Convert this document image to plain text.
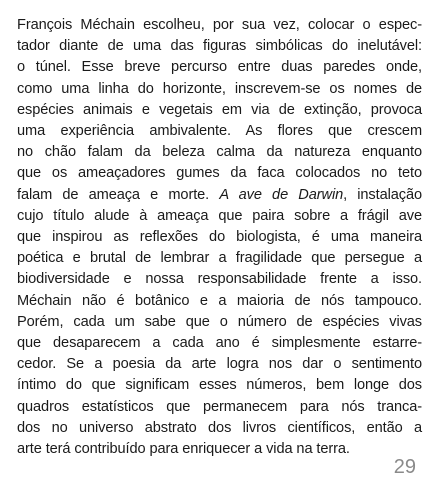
François Méchain escolheu, por sua vez, colocar o espec-
tador diante de uma das figuras simbólicas do inelutável:
o túnel. Esse breve percurso entre duas paredes onde,
como uma linha do horizonte, inscrevem-se os nomes de
espécies animais e vegetais em via de extinção, provoca
uma experiência ambivalente. As flores que crescem
no chão falam da beleza calma da natureza enquanto
que os ameaçadores gumes da faca colocados no teto
falam de ameaça e morte. A ave de Darwin, instalação
cujo título alude à ameaça que paira sobre a frágil ave
que inspirou as reflexões do biologista, é uma maneira
poética e brutal de lembrar a fragilidade que persegue a
biodiversidade e nossa responsabilidade frente a isso.
Méchain não é botânico e a maioria de nós tampouco.
Porém, cada um sabe que o número de espécies vivas
que desaparecem a cada ano é simplesmente estarre-
cedor. Se a poesia da arte logra nos dar o sentimento
íntimo do que significam esses números, bem longe dos
quadros estatísticos que permanecem para nós tranca-
dos no universo abstrato dos livros científicos, então a
arte terá contribuído para enriquecer a vida na terra.

29
